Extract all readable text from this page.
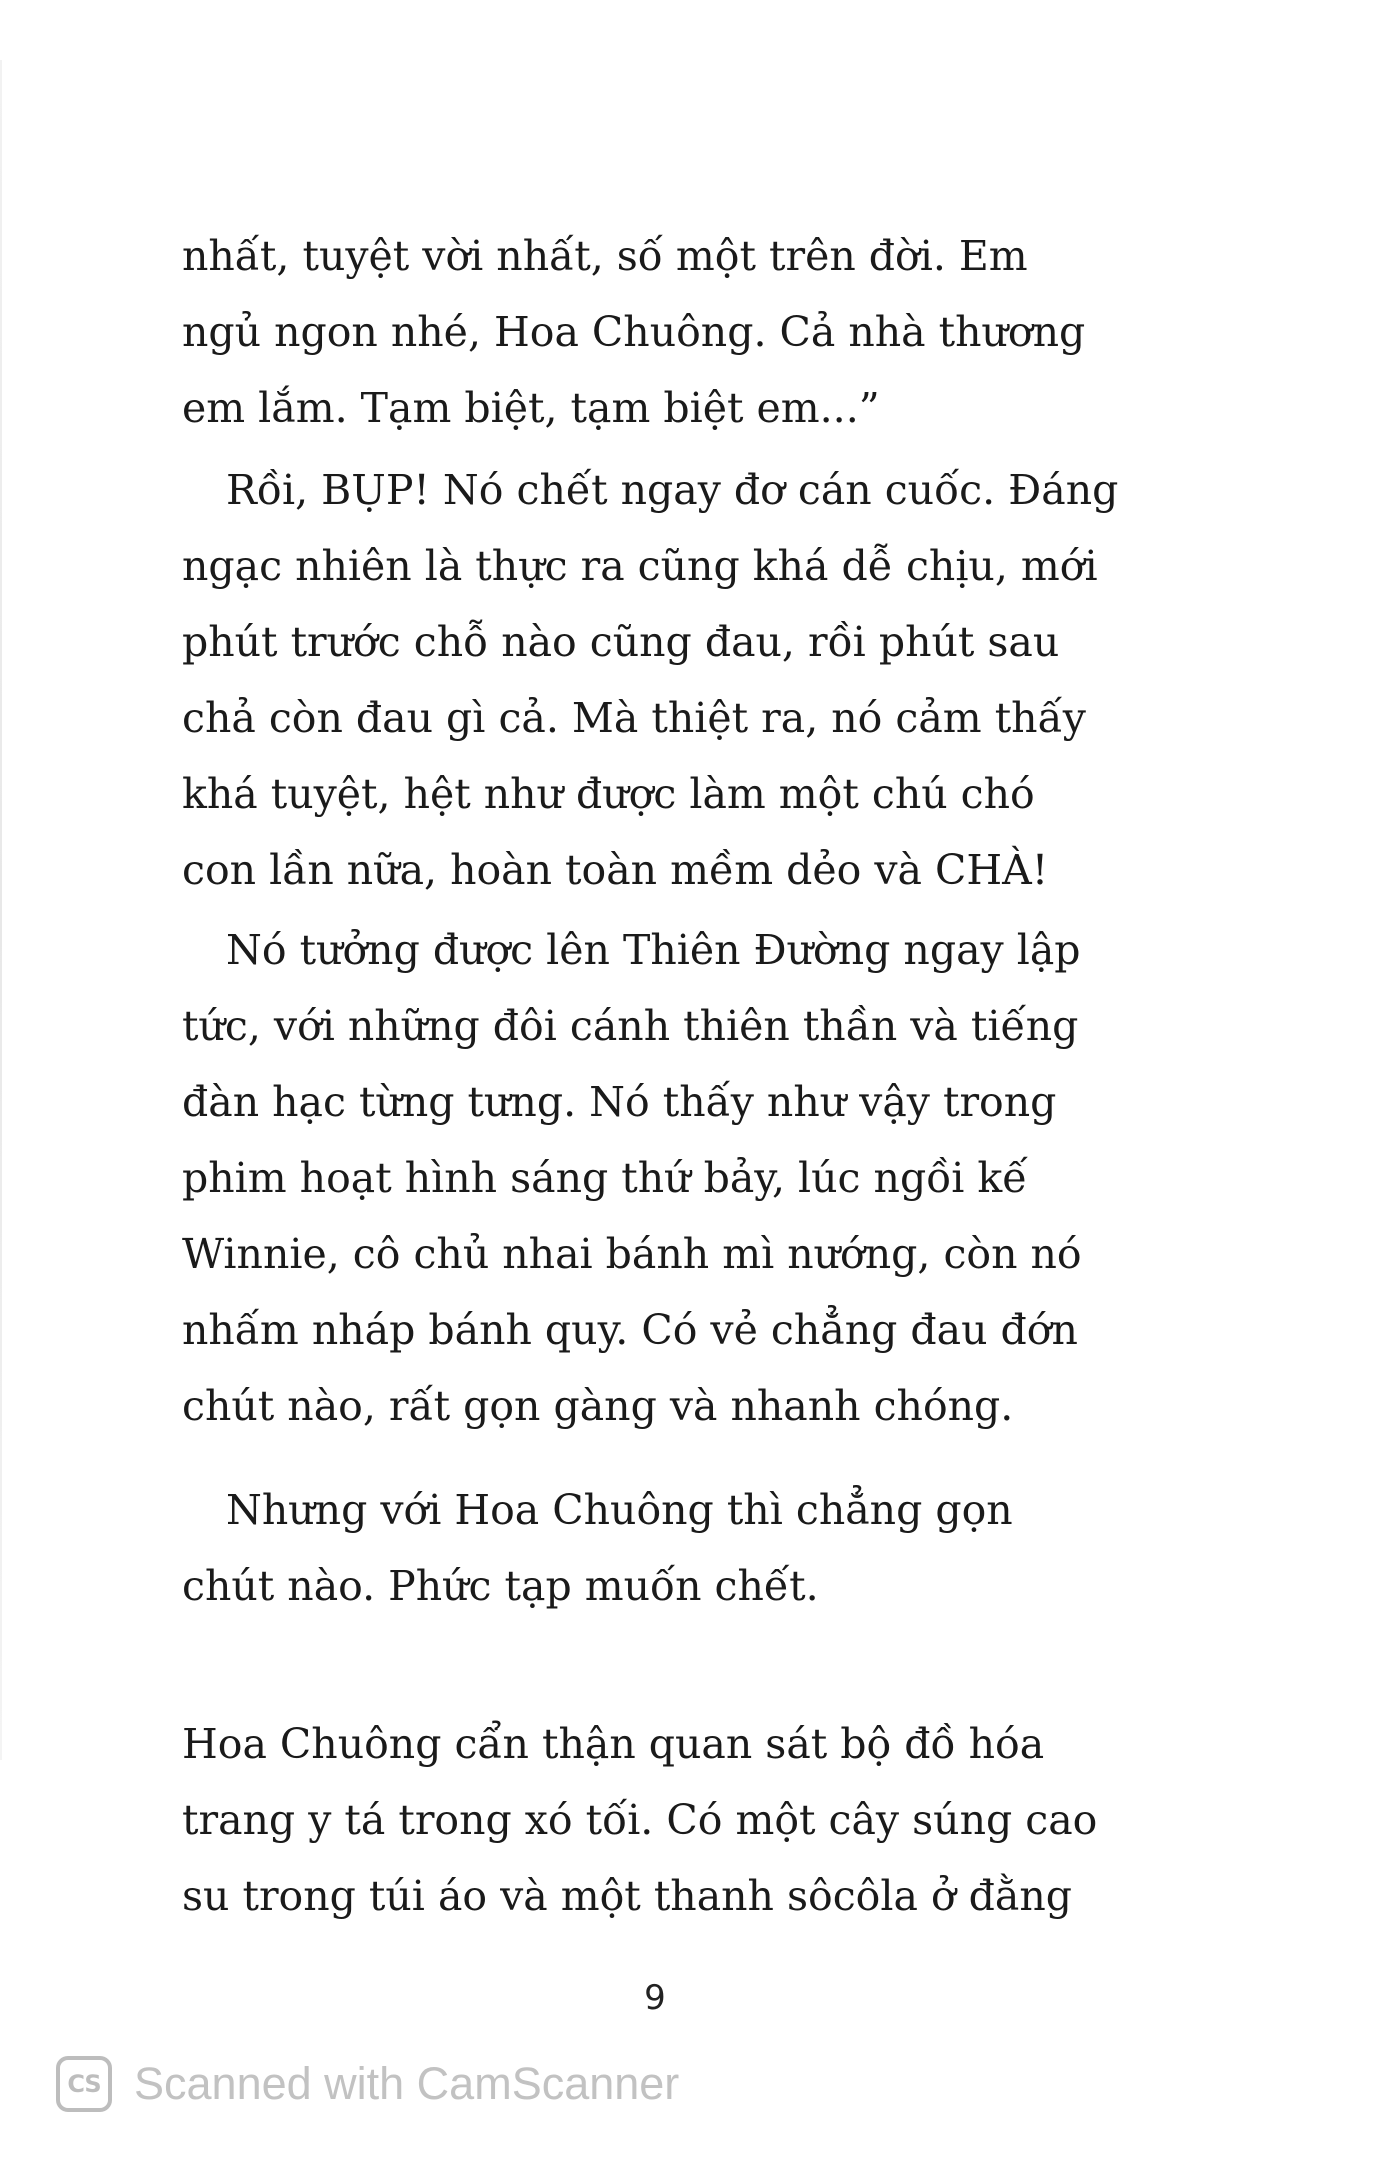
nhất, tuyệt vời nhất, số một trên đời. Em
ngủ ngon nhé, Hoa Chuông. Cả nhà thương
em lắm. Tạm biệt, tạm biệt em...”

Rồi, BỤP! Nó chết ngay đơ cán cuốc. Đáng
ngạc nhiên là thực ra cũng khá dễ chịu, mới
phút trước chỗ nào cũng đau, rồi phút sau
chả còn đau gì cả. Mà thiệt ra, nó cảm thấy
khá tuyệt, hệt như được làm một chú chó
con lần nữa, hoàn toàn mềm dẻo và CHÀ!

Nó tưởng được lên Thiên Đường ngay lập
tức, với những đôi cánh thiên thần và tiếng
đàn hạc từng tưng. Nó thấy như vậy trong
phim hoạt hình sáng thứ bảy, lúc ngồi kế
Winnie, cô chủ nhai bánh mì nướng, còn nó
nhấm nháp bánh quy. Có vẻ chẳng đau đớn
chút nào, rất gọn gàng và nhanh chóng.

Nhưng với Hoa Chuông thì chẳng gọn
chút nào. Phức tạp muốn chết.

Hoa Chuông cẩn thận quan sát bộ đồ hóa
trang y tá trong xó tối. Có một cây súng cao
su trong túi áo và một thanh sôcôla ở đằng

9
CS Scanned with CamScanner
